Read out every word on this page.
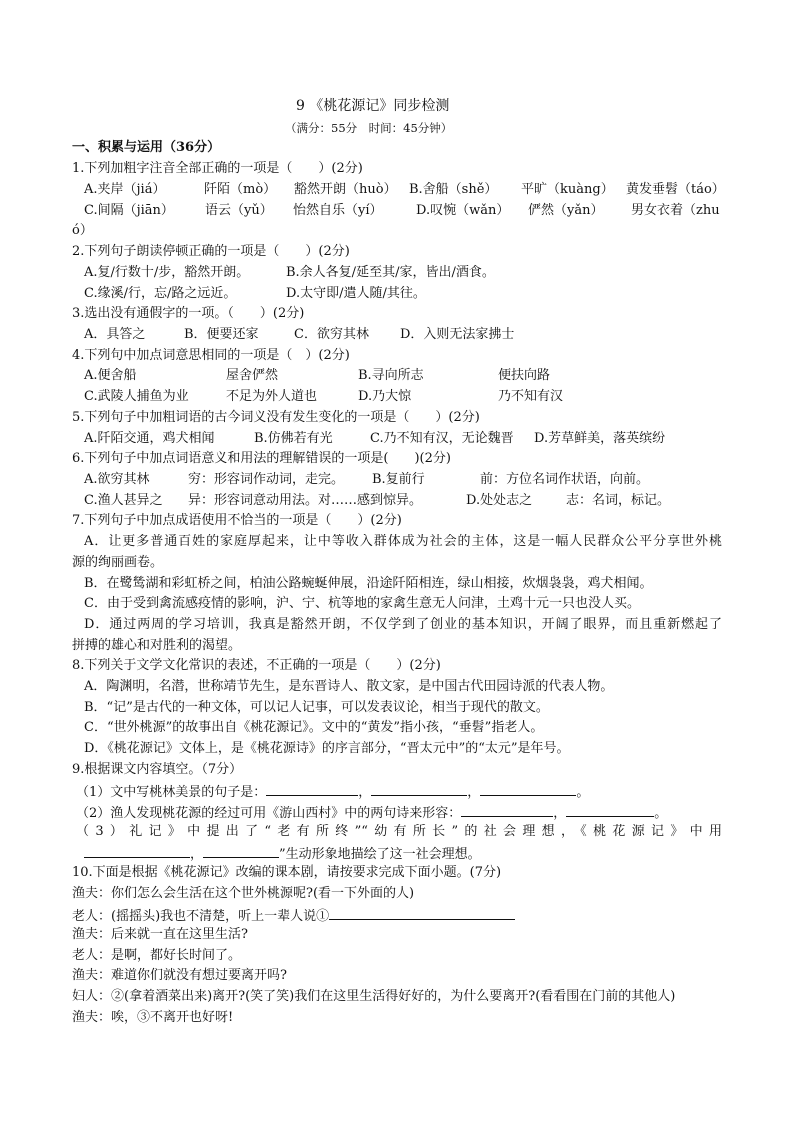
9 《桃花源记》同步检测
（满分：55分　时间：45分钟）
一、积累与运用（36分）
1.下列加粗字注音全部正确的一项是（　　）(2分)
A.夹岸（jiá）	阡陌（mò） 豁然开朗（huò） B.舍船（shě） 平旷（kuàng） 黄发垂髫（táo）
C.间隔（jiān） 语云（yǔ） 怡然自乐（yí）	D.叹惋（wǎn） 俨然（yǎn） 男女衣着（zhu
ó）
2.下列句子朗读停顿正确的一项是（　　）(2分)
A.复/行数十/步，豁然开朗。	B.余人各复/延至其/家，皆出/酒食。
C.缘溪/行，忘/路之远近。	D.太守即/遣人随/其往。
3.选出没有通假字的一项。（　　）(2分)
A．具答之	B．便要还家	C．欲穷其林 D．入则无法家拂士
4.下列句中加点词意思相同的一项是（　）(2分)
A.便舍船	屋舍俨然	B.寻向所志	便扶向路
C.武陵人捕鱼为业	不足为外人道也	D.乃大惊	乃不知有汉
5.下列句子中加粗词语的古今词义没有发生变化的一项是（　　）(2分)
A.阡陌交通，鸡犬相闻	B.仿佛若有光	C.乃不知有汉，无论魏晋 D.芳草鲜美，落英缤纷
6.下列句子中加点词语意义和用法的理解错误的一项是(　　)(2分)
A.欲穷其林	穷：形容词作动词，走完。 B.复前行	前：方位名词作状语，向前。
C.渔人甚异之 异：形容词意动用法。对……感到惊异。	D.处处志之	志：名词，标记。
7.下列句子中加点成语使用不恰当的一项是（　　）(2分)
A．让更多普通百姓的家庭厚起来，让中等收入群体成为社会的主体，这是一幅人民群众公平分享世外桃
源的绚丽画卷。
B．在鹭鸶湖和彩虹桥之间，柏油公路蜿蜒伸展，沿途阡陌相连，绿山相接，炊烟袅袅，鸡犬相闻。
C．由于受到禽流感疫情的影响，沪、宁、杭等地的家禽生意无人问津，土鸡十元一只也没人买。
D．通过两周的学习培训，我真是豁然开朗，不仅学到了创业的基本知识，开阔了眼界，而且重新燃起了
拼搏的雄心和对胜利的渴望。
8.下列关于文学文化常识的表述，不正确的一项是（　　）(2分)
A．陶渊明，名潜，世称靖节先生，是东晋诗人、散文家，是中国古代田园诗派的代表人物。
B．“记”是古代的一种文体，可以记人记事，可以发表议论，相当于现代的散文。
C．“世外桃源”的故事出自《桃花源记》。文中的“黄发”指小孩，“垂髫”指老人。
D．《桃花源记》文体上，是《桃花源诗》的序言部分，“晋太元中”的“太元”是年号。
9.根据课文内容填空。（7分）
（1）文中写桃林美景的句子是：	，	，	。
（2）渔人发现桃花源的经过可用《游山西村》中的两句诗来形容：	，	。
（3）礼记》中提出了“老有所终”“幼有所长”的社会理想，《桃花源记》中用
，	”生动形象地描绘了这一社会理想。
10.下面是根据《桃花源记》改编的课本剧，请按要求完成下面小题。(7分)
渔夫：你们怎么会生活在这个世外桃源呢?(看一下外面的人)
老人：(摇摇头)我也不清楚，听上一辈人说①
渔夫：后来就一直在这里生活?
老人：是啊，都好长时间了。
渔夫：难道你们就没有想过要离开吗?
妇人：②(拿着酒菜出来)离开?(笑了笑)我们在这里生活得好好的，为什么要离开?(看看围在门前的其他人)
渔夫：唉，③不离开也好呀!
